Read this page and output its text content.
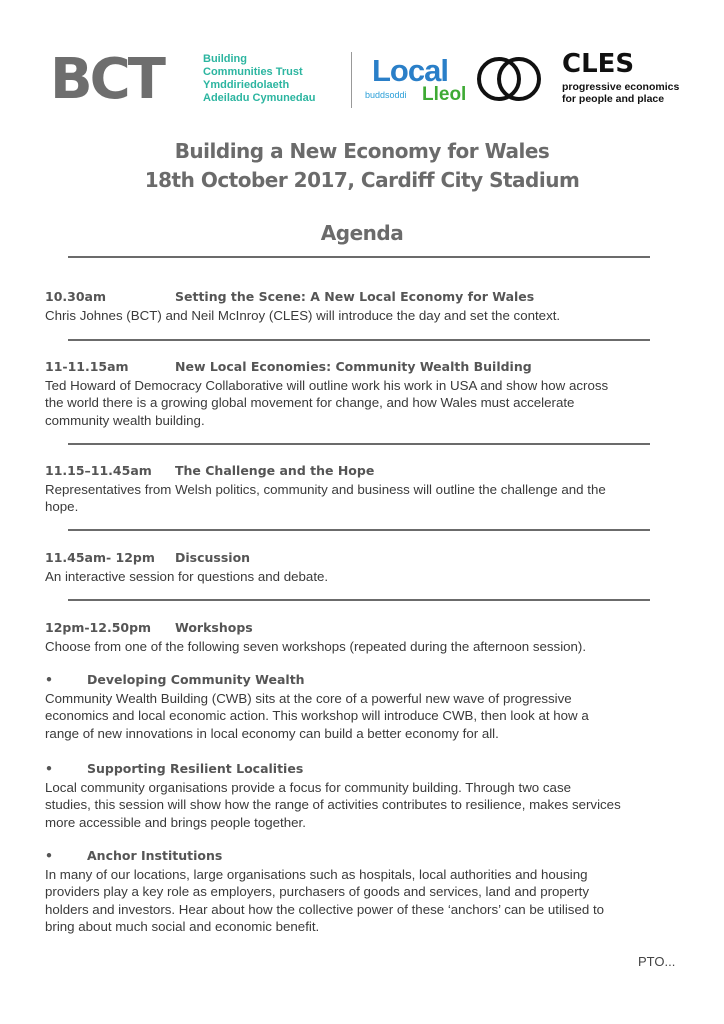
BCT	Building
Communities Trust
Ymddiriedolaeth
Adeiladu Cymunedau
Local
buddsoddi Lleol
CLES
progressive economics
for people and place
Building a New Economy for Wales
18th October 2017, Cardiff City Stadium
Agenda
10.30am	Setting the Scene: A New Local Economy for Wales
Chris Johnes (BCT) and Neil McInroy (CLES) will introduce the day and set the context.
11-11.15am	New Local Economies: Community Wealth Building
Ted Howard of Democracy Collaborative will outline work his work in USA and show how across
the world there is a growing global movement for change, and how Wales must accelerate
community wealth building.
11.15–11.45am The Challenge and the Hope
Representatives from Welsh politics, community and business will outline the challenge and the
hope.
11.45am- 12pm Discussion
An interactive session for questions and debate.
12pm-12.50pm Workshops
Choose from one of the following seven workshops (repeated during the afternoon session).
•	Developing Community Wealth
Community Wealth Building (CWB) sits at the core of a powerful new wave of progressive
economics and local economic action. This workshop will introduce CWB, then look at how a
range of new innovations in local economy can build a better economy for all.
•	Supporting Resilient Localities
Local community organisations provide a focus for community building. Through two case
studies, this session will show how the range of activities contributes to resilience, makes services
more accessible and brings people together.
•	Anchor Institutions
In many of our locations, large organisations such as hospitals, local authorities and housing
providers play a key role as employers, purchasers of goods and services, land and property
holders and investors. Hear about how the collective power of these ‘anchors’ can be utilised to
bring about much social and economic benefit.
PTO...
